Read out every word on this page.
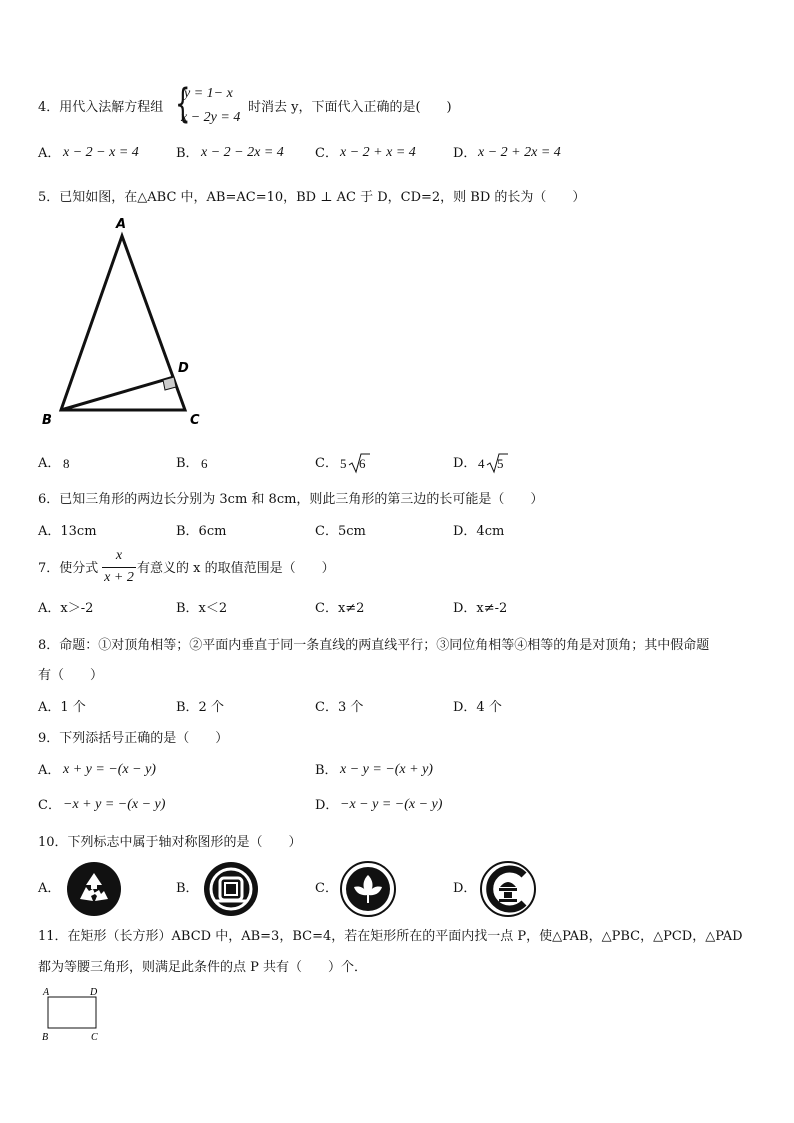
4．用代入法解方程组 {
y = 1− x
x − 2y = 4
时消去 y，下面代入正确的是(　　)
A． x − 2 − x = 4	B． x − 2 − 2x = 4 C． x − 2 + x = 4	D． x − 2 + 2x = 4
5．已知如图，在△ABC 中，AB=AC=10，BD ⊥ AC 于 D，CD=2，则 BD 的长为（　　）
A
B	C
D
A． 8	B． 6	C． 5 6	D． 4 5
6．已知三角形的两边长分别为 3cm 和 8cm，则此三角形的第三边的长可能是（　　）
A．13cm	B．6cm	C．5cm	D．4cm
7．使分式
x
x + 2
有意义的 x 的取值范围是（　　）
A．x＞-2	B．x＜2	C．x≠2	D．x≠-2
8．命题：①对顶角相等；②平面内垂直于同一条直线的两直线平行；③同位角相等④相等的角是对顶角；其中假命题
有（　　）
A．1 个	B．2 个	C．3 个	D．4 个
9．下列添括号正确的是（　　）
A． x + y = −(x − y)	B． x − y = −(x + y)
C． −x + y = −(x − y)	D． −x − y = −(x − y)
10．下列标志中属于轴对称图形的是（　　）
A．	B．	C．	D．
11．在矩形（长方形）ABCD 中，AB=3，BC=4，若在矩形所在的平面内找一点 P，使△PAB，△PBC，△PCD，△PAD
都为等腰三角形，则满足此条件的点 P 共有（　　）个．
A	D
B	C
